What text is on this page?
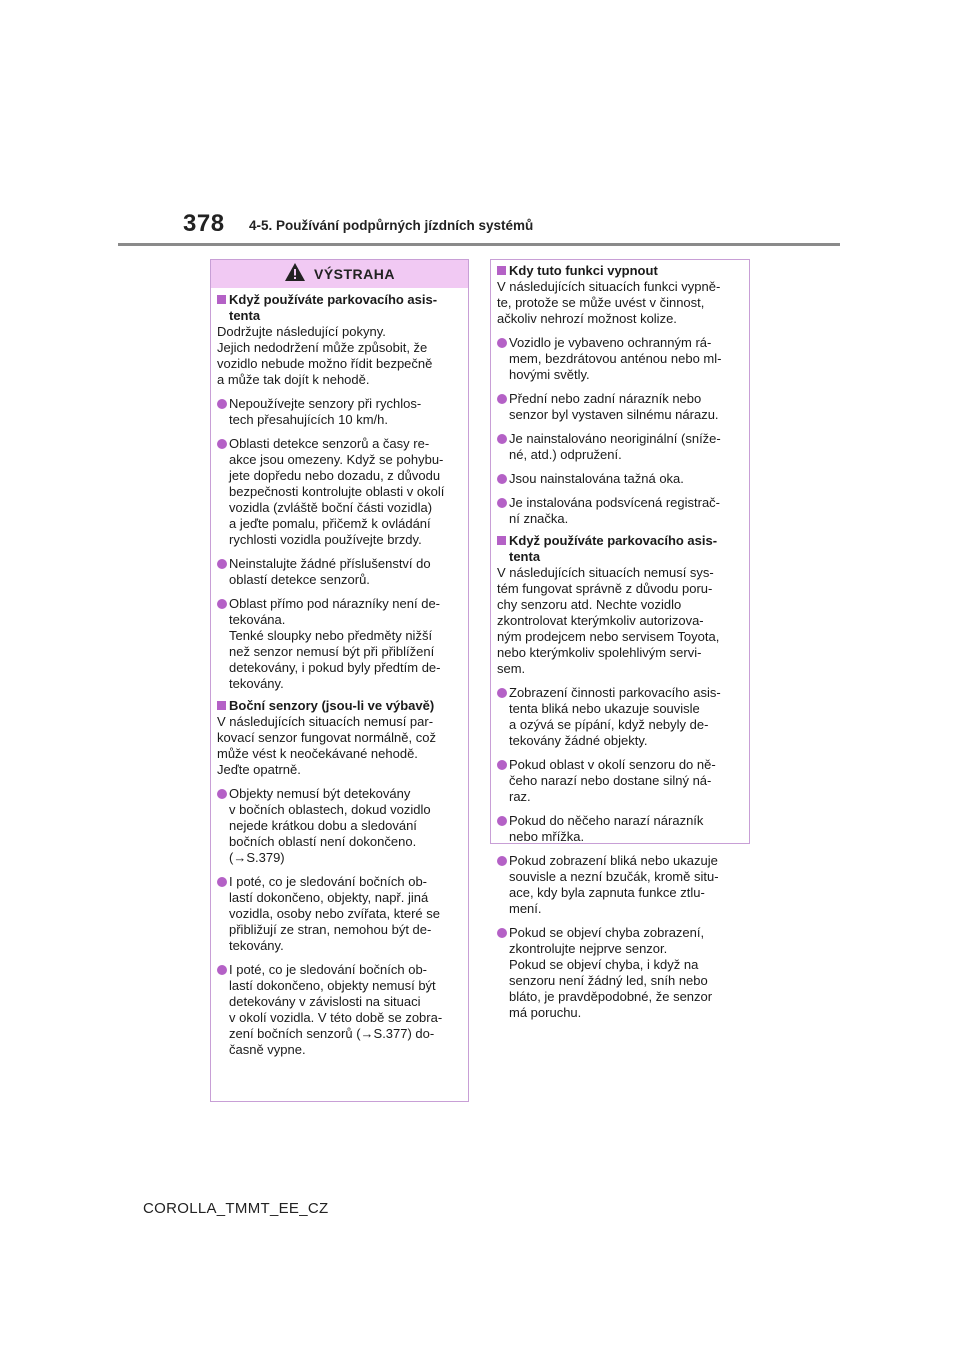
378 4-5. Používání podpůrných jízdních systémů
VÝSTRAHA
Když používáte parkovacího asis-
tenta
Dodržujte následující pokyny.
Jejich nedodržení může způsobit, že
vozidlo nebude možno řídit bezpečně
a může tak dojít k nehodě.
Nepoužívejte senzory při rychlos-
tech přesahujících 10 km/h.
Oblasti detekce senzorů a časy re-
akce jsou omezeny. Když se pohybu-
jete dopředu nebo dozadu, z důvodu
bezpečnosti kontrolujte oblasti v okolí
vozidla (zvláště boční části vozidla)
a jeďte pomalu, přičemž k ovládání
rychlosti vozidla používejte brzdy.
Neinstalujte žádné příslušenství do
oblastí detekce senzorů.
Oblast přímo pod nárazníky není de-
tekována.
Tenké sloupky nebo předměty nižší
než senzor nemusí být při přiblížení
detekovány, i pokud byly předtím de-
tekovány.
Boční senzory (jsou-li ve výbavě)
V následujících situacích nemusí par-
kovací senzor fungovat normálně, což
může vést k neočekávané nehodě.
Jeďte opatrně.
Objekty nemusí být detekovány
v bočních oblastech, dokud vozidlo
nejede krátkou dobu a sledování
bočních oblastí není dokončeno.
(→S.379)
I poté, co je sledování bočních ob-
lastí dokončeno, objekty, např. jiná
vozidla, osoby nebo zvířata, které se
přibližují ze stran, nemohou být de-
tekovány.
I poté, co je sledování bočních ob-
lastí dokončeno, objekty nemusí být
detekovány v závislosti na situaci
v okolí vozidla. V této době se zobra-
zení bočních senzorů (→S.377) do-
časně vypne.
Kdy tuto funkci vypnout
V následujících situacích funkci vypně-
te, protože se může uvést v činnost,
ačkoliv nehrozí možnost kolize.
Vozidlo je vybaveno ochranným rá-
mem, bezdrátovou anténou nebo ml-
hovými světly.
Přední nebo zadní nárazník nebo
senzor byl vystaven silnému nárazu.
Je nainstalováno neoriginální (sníže-
né, atd.) odpružení.
Jsou nainstalována tažná oka.
Je instalována podsvícená registrač-
ní značka.
Když používáte parkovacího asis-
tenta
V následujících situacích nemusí sys-
tém fungovat správně z důvodu poru-
chy senzoru atd. Nechte vozidlo
zkontrolovat kterýmkoliv autorizova-
ným prodejcem nebo servisem Toyota,
nebo kterýmkoliv spolehlivým servi-
sem.
Zobrazení činnosti parkovacího asis-
tenta bliká nebo ukazuje souvisle
a ozývá se pípání, když nebyly de-
tekovány žádné objekty.
Pokud oblast v okolí senzoru do ně-
čeho narazí nebo dostane silný ná-
raz.
Pokud do něčeho narazí nárazník
nebo mřížka.
Pokud zobrazení bliká nebo ukazuje
souvisle a nezní bzučák, kromě situ-
ace, kdy byla zapnuta funkce ztlu-
mení.
Pokud se objeví chyba zobrazení,
zkontrolujte nejprve senzor.
Pokud se objeví chyba, i když na
senzoru není žádný led, sníh nebo
bláto, je pravděpodobné, že senzor
má poruchu.
COROLLA_TMMT_EE_CZ
